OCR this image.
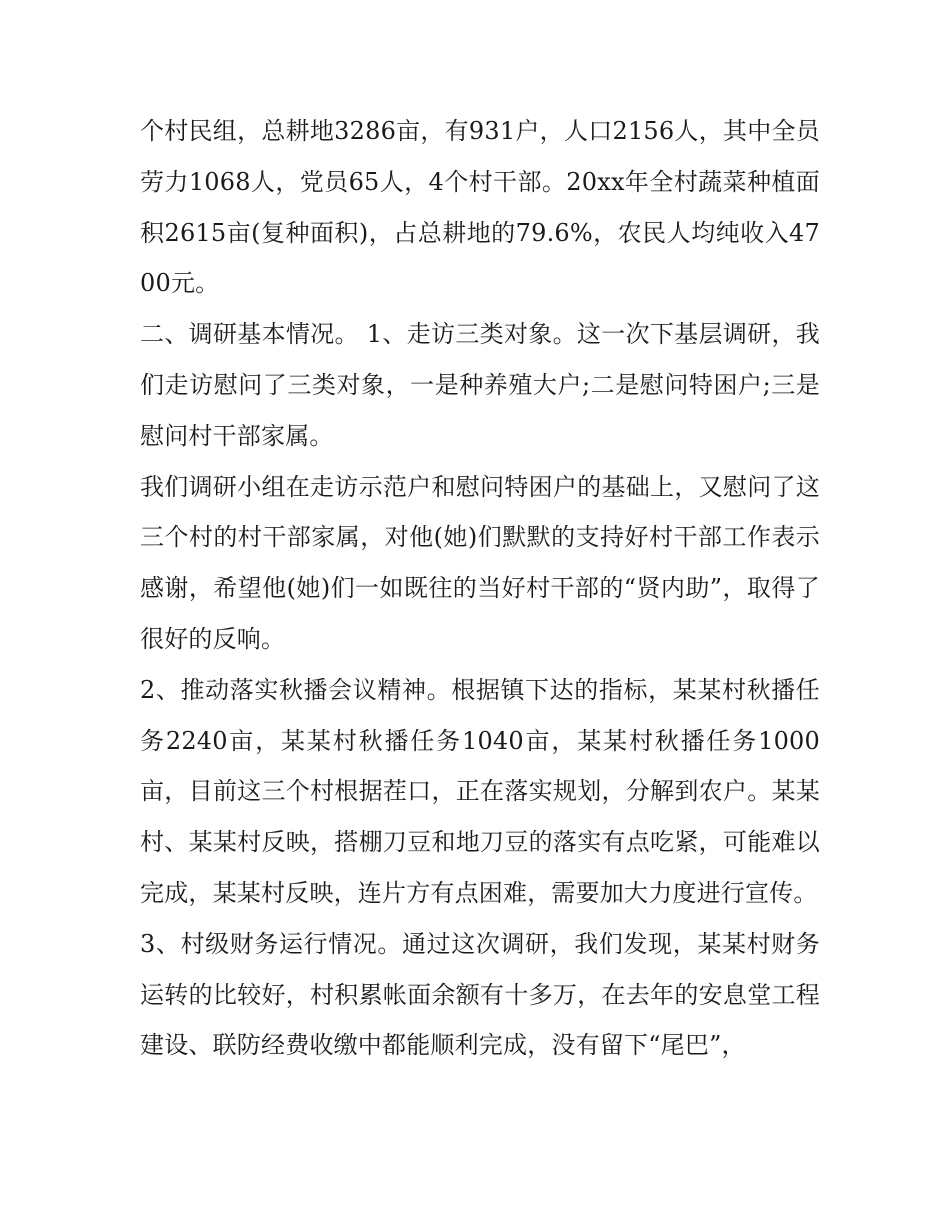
个村民组，总耕地3286亩，有931户，人口2156人，其中全员劳力1068人，党员65人，4个村干部。20xx年全村蔬菜种植面积2615亩(复种面积)，占总耕地的79.6%，农民人均纯收入4700元。

二、调研基本情况。 1、走访三类对象。这一次下基层调研，我们走访慰问了三类对象，一是种养殖大户;二是慰问特困户;三是慰问村干部家属。

我们调研小组在走访示范户和慰问特困户的基础上，又慰问了这三个村的村干部家属，对他(她)们默默的支持好村干部工作表示感谢，希望他(她)们一如既往的当好村干部的“贤内助”，取得了很好的反响。

2、推动落实秋播会议精神。根据镇下达的指标，某某村秋播任务2240亩，某某村秋播任务1040亩，某某村秋播任务1000亩，目前这三个村根据茬口，正在落实规划，分解到农户。某某村、某某村反映，搭棚刀豆和地刀豆的落实有点吃紧，可能难以完成，某某村反映，连片方有点困难，需要加大力度进行宣传。

3、村级财务运行情况。通过这次调研，我们发现，某某村财务运转的比较好，村积累帐面余额有十多万，在去年的安息堂工程建设、联防经费收缴中都能顺利完成，没有留下“尾巴”，
